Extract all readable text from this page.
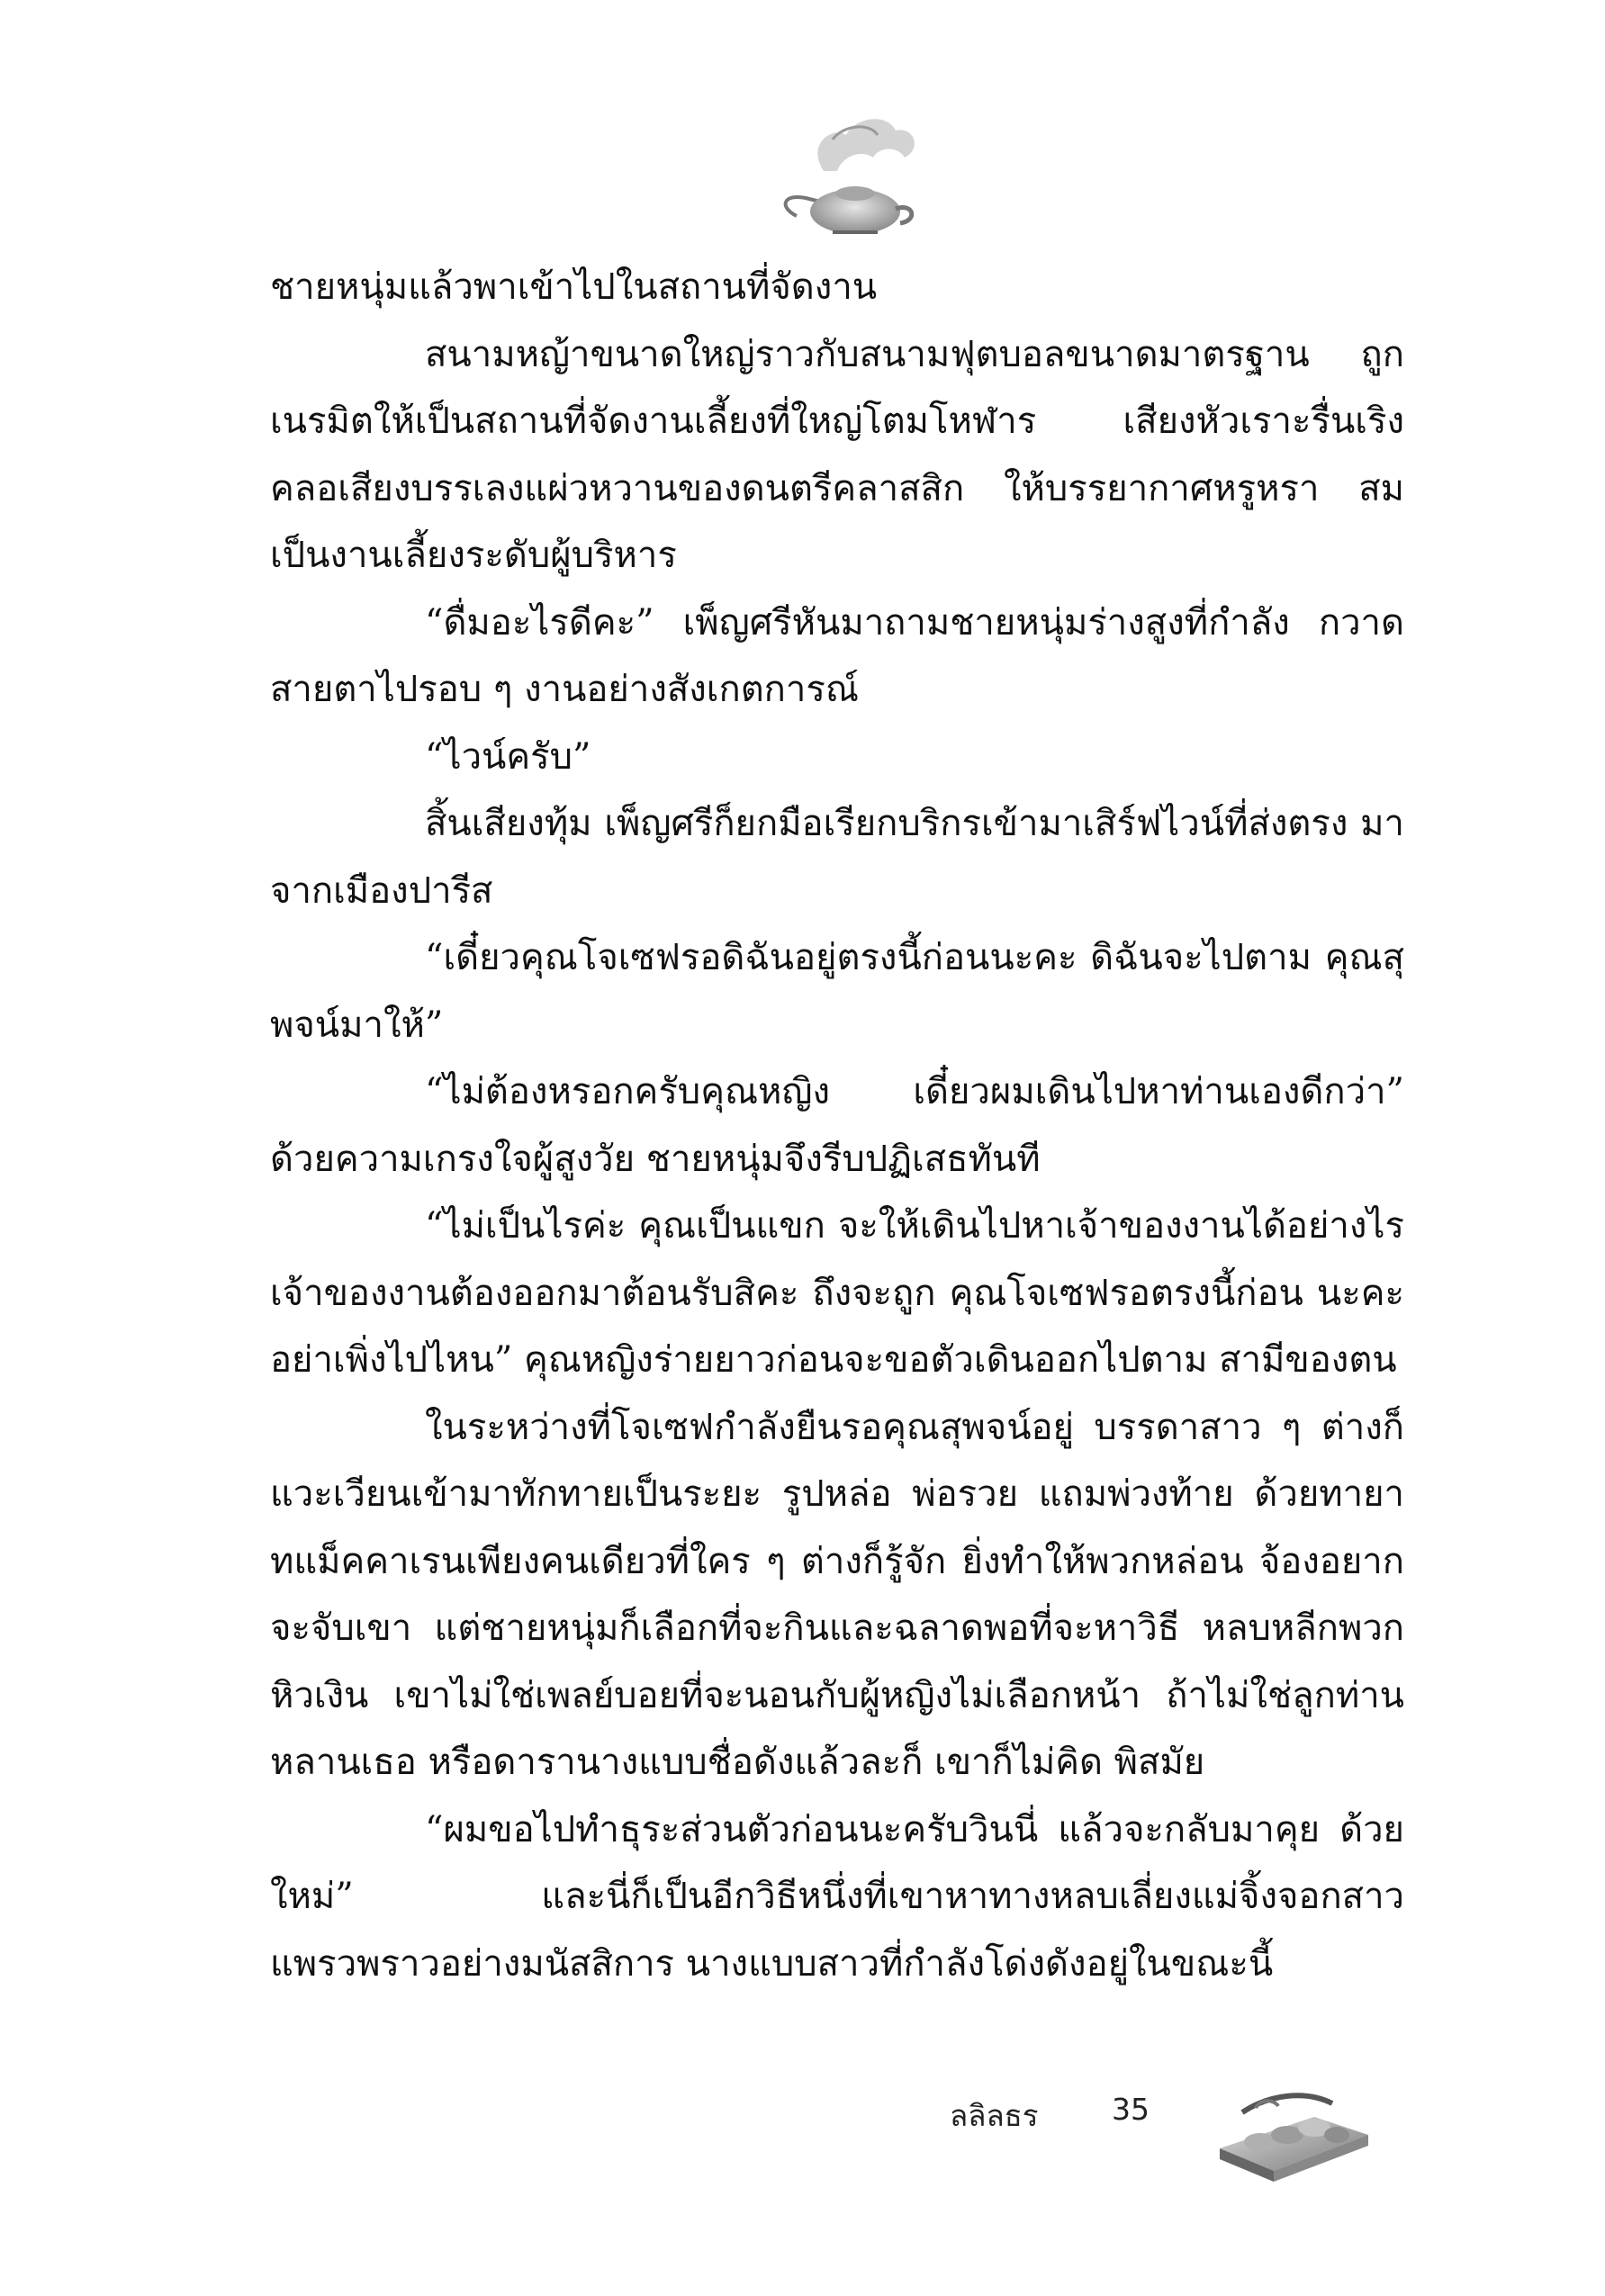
ชายหนุ่มแล้วพาเข้าไปในสถานที่จัดงาน

สนามหญ้าขนาดใหญ่ราวกับสนามฟุตบอลขนาดมาตรฐาน ถูกเนรมิตให้เป็นสถานที่จัดงานเลี้ยงที่ใหญ่โตมโหฬาร เสียงหัวเราะรื่นเริง คลอเสียงบรรเลงแผ่วหวานของดนตรีคลาสสิก ให้บรรยากาศหรูหรา สมเป็นงานเลี้ยงระดับผู้บริหาร

“ดื่มอะไรดีคะ” เพ็ญศรีหันมาถามชายหนุ่มร่างสูงที่กำลัง กวาดสายตาไปรอบ ๆ งานอย่างสังเกตการณ์

“ไวน์ครับ”

สิ้นเสียงทุ้ม เพ็ญศรีก็ยกมือเรียกบริกรเข้ามาเสิร์ฟไวน์ที่ส่งตรง มาจากเมืองปารีส

“เดี๋ยวคุณโจเซฟรอดิฉันอยู่ตรงนี้ก่อนนะคะ ดิฉันจะไปตาม คุณสุพจน์มาให้”

“ไม่ต้องหรอกครับคุณหญิง เดี๋ยวผมเดินไปหาท่านเองดีกว่า” ด้วยความเกรงใจผู้สูงวัย ชายหนุ่มจึงรีบปฏิเสธทันที

“ไม่เป็นไรค่ะ คุณเป็นแขก จะให้เดินไปหาเจ้าของงานได้อย่างไร เจ้าของงานต้องออกมาต้อนรับสิคะ ถึงจะถูก คุณโจเซฟรอตรงนี้ก่อน นะคะ อย่าเพิ่งไปไหน” คุณหญิงร่ายยาวก่อนจะขอตัวเดินออกไปตาม สามีของตน

ในระหว่างที่โจเซฟกำลังยืนรอคุณสุพจน์อยู่ บรรดาสาว ๆ ต่างก็แวะเวียนเข้ามาทักทายเป็นระยะ รูปหล่อ พ่อรวย แถมพ่วงท้าย ด้วยทายาทแม็คคาเรนเพียงคนเดียวที่ใคร ๆ ต่างก็รู้จัก ยิ่งทำให้พวกหล่อน จ้องอยากจะจับเขา แต่ชายหนุ่มก็เลือกที่จะกินและฉลาดพอที่จะหาวิธี หลบหลีกพวกหิวเงิน เขาไม่ใช่เพลย์บอยที่จะนอนกับผู้หญิงไม่เลือกหน้า ถ้าไม่ใช่ลูกท่านหลานเธอ หรือดารานางแบบชื่อดังแล้วละก็ เขาก็ไม่คิด พิสมัย

“ผมขอไปทำธุระส่วนตัวก่อนนะครับวินนี่ แล้วจะกลับมาคุย ด้วยใหม่” และนี่ก็เป็นอีกวิธีหนึ่งที่เขาหาทางหลบเลี่ยงแม่จิ้งจอกสาว แพรวพราวอย่างมนัสสิการ นางแบบสาวที่กำลังโด่งดังอยู่ในขณะนี้

ลลิลธร 35
